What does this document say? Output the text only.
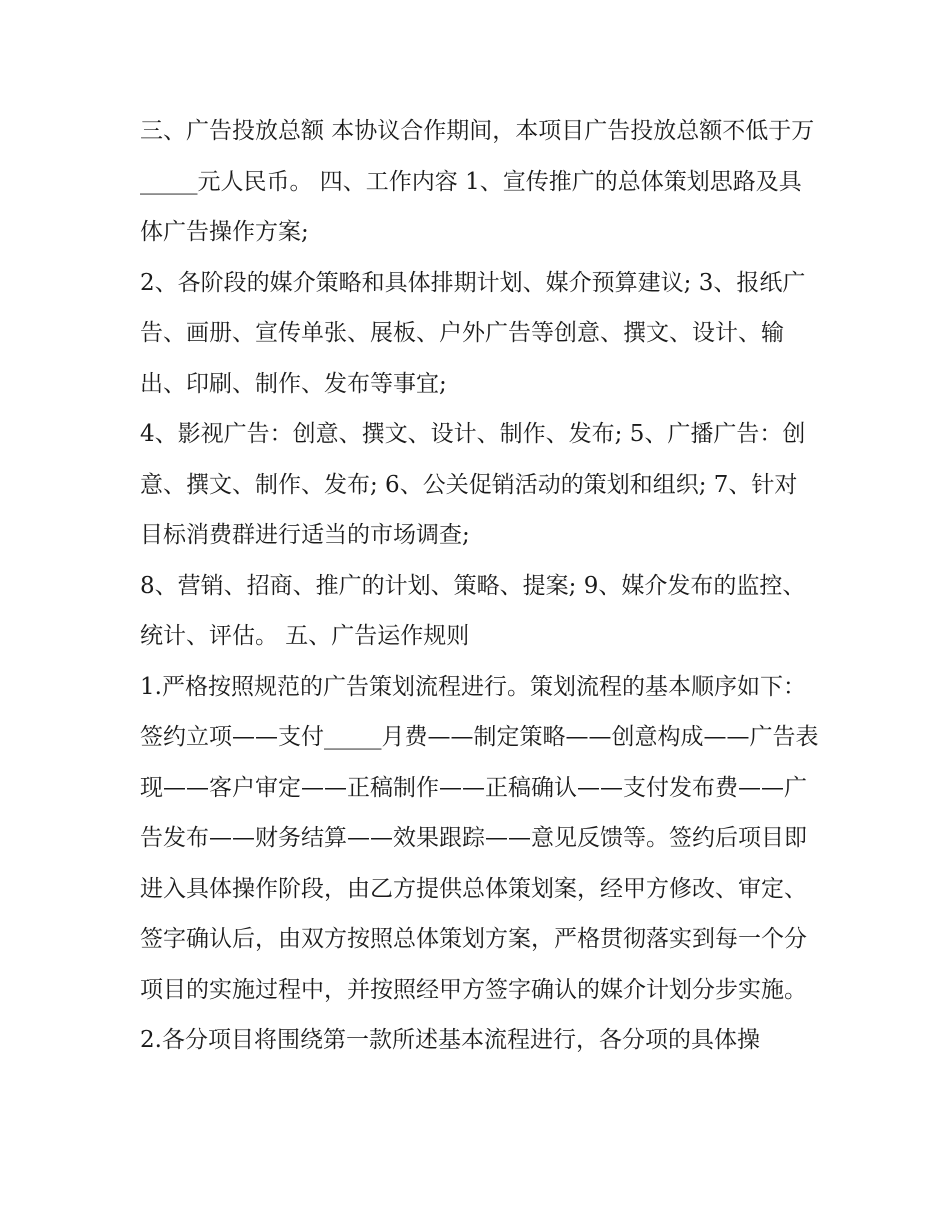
三、广告投放总额 本协议合作期间，本项目广告投放总额不低于万_____元人民币。 四、工作内容 1、宣传推广的总体策划思路及具体广告操作方案;

2、各阶段的媒介策略和具体排期计划、媒介预算建议; 3、报纸广告、画册、宣传单张、展板、户外广告等创意、撰文、设计、输出、印刷、制作、发布等事宜;

4、影视广告：创意、撰文、设计、制作、发布; 5、广播广告：创意、撰文、制作、发布; 6、公关促销活动的策划和组织; 7、针对目标消费群进行适当的市场调查;

8、营销、招商、推广的计划、策略、提案; 9、媒介发布的监控、统计、评估。 五、广告运作规则

1.严格按照规范的广告策划流程进行。策划流程的基本顺序如下：签约立项——支付_____月费——制定策略——创意构成——广告表现——客户审定——正稿制作——正稿确认——支付发布费——广告发布——财务结算——效果跟踪——意见反馈等。签约后项目即进入具体操作阶段，由乙方提供总体策划案，经甲方修改、审定、签字确认后，由双方按照总体策划方案，严格贯彻落实到每一个分项目的实施过程中，并按照经甲方签字确认的媒介计划分步实施。

2.各分项目将围绕第一款所述基本流程进行，各分项的具体操
